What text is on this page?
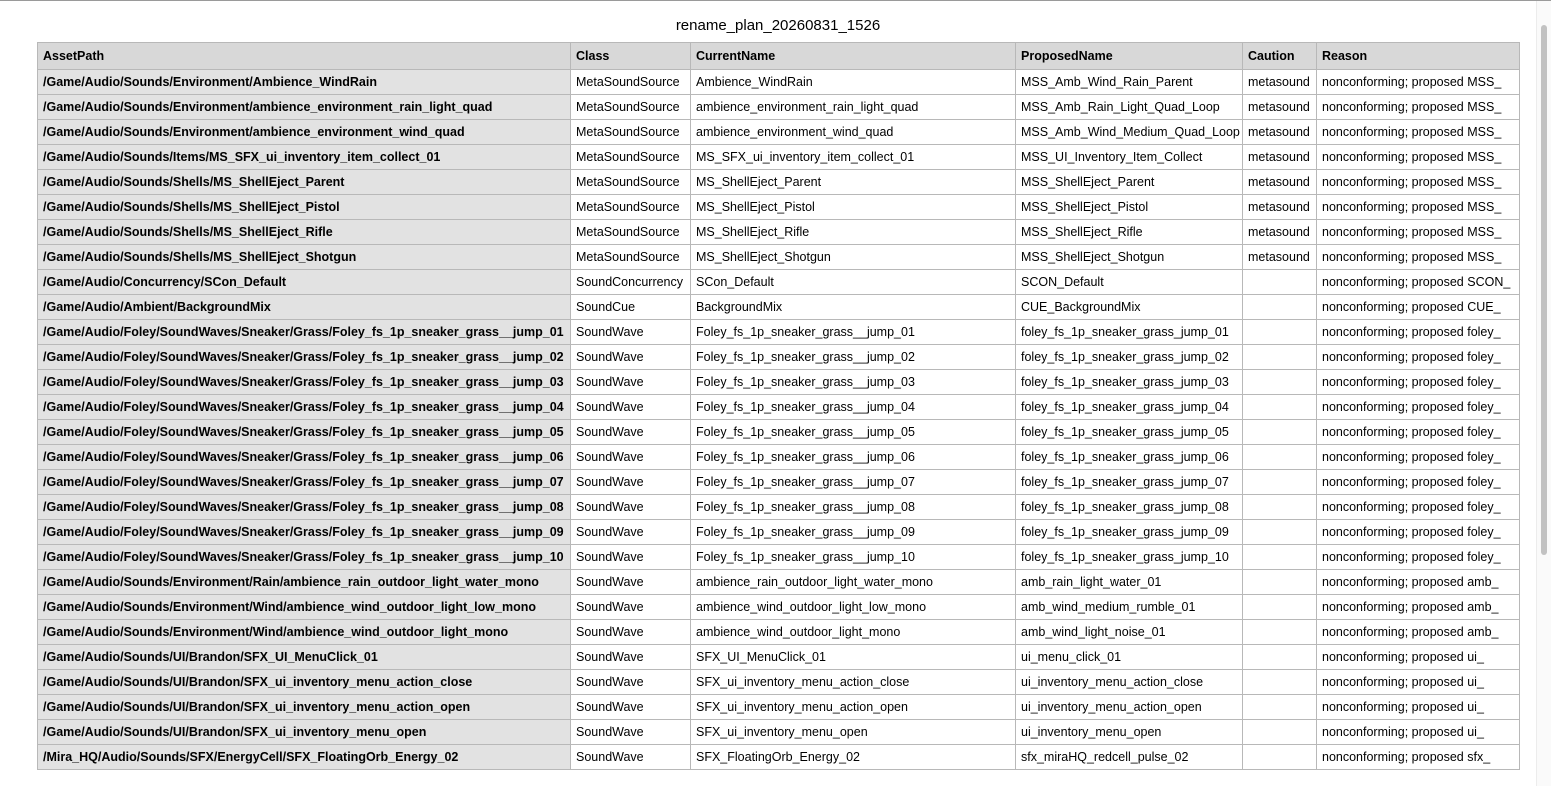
rename_plan_20260831_1526
AssetPath	Class	CurrentName	ProposedName	Caution	Reason
/Game/Audio/Sounds/Environment/Ambience_WindRain	MetaSoundSource	Ambience_WindRain	MSS_Amb_Wind_Rain_Parent	metasound	nonconforming; proposed MSS_
/Game/Audio/Sounds/Environment/ambience_environment_rain_light_quad	MetaSoundSource	ambience_environment_rain_light_quad	MSS_Amb_Rain_Light_Quad_Loop	metasound	nonconforming; proposed MSS_
/Game/Audio/Sounds/Environment/ambience_environment_wind_quad	MetaSoundSource	ambience_environment_wind_quad	MSS_Amb_Wind_Medium_Quad_Loop	metasound	nonconforming; proposed MSS_
/Game/Audio/Sounds/Items/MS_SFX_ui_inventory_item_collect_01	MetaSoundSource	MS_SFX_ui_inventory_item_collect_01	MSS_UI_Inventory_Item_Collect	metasound	nonconforming; proposed MSS_
/Game/Audio/Sounds/Shells/MS_ShellEject_Parent	MetaSoundSource	MS_ShellEject_Parent	MSS_ShellEject_Parent	metasound	nonconforming; proposed MSS_
/Game/Audio/Sounds/Shells/MS_ShellEject_Pistol	MetaSoundSource	MS_ShellEject_Pistol	MSS_ShellEject_Pistol	metasound	nonconforming; proposed MSS_
/Game/Audio/Sounds/Shells/MS_ShellEject_Rifle	MetaSoundSource	MS_ShellEject_Rifle	MSS_ShellEject_Rifle	metasound	nonconforming; proposed MSS_
/Game/Audio/Sounds/Shells/MS_ShellEject_Shotgun	MetaSoundSource	MS_ShellEject_Shotgun	MSS_ShellEject_Shotgun	metasound	nonconforming; proposed MSS_
/Game/Audio/Concurrency/SCon_Default	SoundConcurrency	SCon_Default	SCON_Default		nonconforming; proposed SCON_
/Game/Audio/Ambient/BackgroundMix	SoundCue	BackgroundMix	CUE_BackgroundMix		nonconforming; proposed CUE_
/Game/Audio/Foley/SoundWaves/Sneaker/Grass/Foley_fs_1p_sneaker_grass__jump_01	SoundWave	Foley_fs_1p_sneaker_grass__jump_01	foley_fs_1p_sneaker_grass_jump_01		nonconforming; proposed foley_
/Game/Audio/Foley/SoundWaves/Sneaker/Grass/Foley_fs_1p_sneaker_grass__jump_02	SoundWave	Foley_fs_1p_sneaker_grass__jump_02	foley_fs_1p_sneaker_grass_jump_02		nonconforming; proposed foley_
/Game/Audio/Foley/SoundWaves/Sneaker/Grass/Foley_fs_1p_sneaker_grass__jump_03	SoundWave	Foley_fs_1p_sneaker_grass__jump_03	foley_fs_1p_sneaker_grass_jump_03		nonconforming; proposed foley_
/Game/Audio/Foley/SoundWaves/Sneaker/Grass/Foley_fs_1p_sneaker_grass__jump_04	SoundWave	Foley_fs_1p_sneaker_grass__jump_04	foley_fs_1p_sneaker_grass_jump_04		nonconforming; proposed foley_
/Game/Audio/Foley/SoundWaves/Sneaker/Grass/Foley_fs_1p_sneaker_grass__jump_05	SoundWave	Foley_fs_1p_sneaker_grass__jump_05	foley_fs_1p_sneaker_grass_jump_05		nonconforming; proposed foley_
/Game/Audio/Foley/SoundWaves/Sneaker/Grass/Foley_fs_1p_sneaker_grass__jump_06	SoundWave	Foley_fs_1p_sneaker_grass__jump_06	foley_fs_1p_sneaker_grass_jump_06		nonconforming; proposed foley_
/Game/Audio/Foley/SoundWaves/Sneaker/Grass/Foley_fs_1p_sneaker_grass__jump_07	SoundWave	Foley_fs_1p_sneaker_grass__jump_07	foley_fs_1p_sneaker_grass_jump_07		nonconforming; proposed foley_
/Game/Audio/Foley/SoundWaves/Sneaker/Grass/Foley_fs_1p_sneaker_grass__jump_08	SoundWave	Foley_fs_1p_sneaker_grass__jump_08	foley_fs_1p_sneaker_grass_jump_08		nonconforming; proposed foley_
/Game/Audio/Foley/SoundWaves/Sneaker/Grass/Foley_fs_1p_sneaker_grass__jump_09	SoundWave	Foley_fs_1p_sneaker_grass__jump_09	foley_fs_1p_sneaker_grass_jump_09		nonconforming; proposed foley_
/Game/Audio/Foley/SoundWaves/Sneaker/Grass/Foley_fs_1p_sneaker_grass__jump_10	SoundWave	Foley_fs_1p_sneaker_grass__jump_10	foley_fs_1p_sneaker_grass_jump_10		nonconforming; proposed foley_
/Game/Audio/Sounds/Environment/Rain/ambience_rain_outdoor_light_water_mono	SoundWave	ambience_rain_outdoor_light_water_mono	amb_rain_light_water_01		nonconforming; proposed amb_
/Game/Audio/Sounds/Environment/Wind/ambience_wind_outdoor_light_low_mono	SoundWave	ambience_wind_outdoor_light_low_mono	amb_wind_medium_rumble_01		nonconforming; proposed amb_
/Game/Audio/Sounds/Environment/Wind/ambience_wind_outdoor_light_mono	SoundWave	ambience_wind_outdoor_light_mono	amb_wind_light_noise_01		nonconforming; proposed amb_
/Game/Audio/Sounds/UI/Brandon/SFX_UI_MenuClick_01	SoundWave	SFX_UI_MenuClick_01	ui_menu_click_01		nonconforming; proposed ui_
/Game/Audio/Sounds/UI/Brandon/SFX_ui_inventory_menu_action_close	SoundWave	SFX_ui_inventory_menu_action_close	ui_inventory_menu_action_close		nonconforming; proposed ui_
/Game/Audio/Sounds/UI/Brandon/SFX_ui_inventory_menu_action_open	SoundWave	SFX_ui_inventory_menu_action_open	ui_inventory_menu_action_open		nonconforming; proposed ui_
/Game/Audio/Sounds/UI/Brandon/SFX_ui_inventory_menu_open	SoundWave	SFX_ui_inventory_menu_open	ui_inventory_menu_open		nonconforming; proposed ui_
/Mira_HQ/Audio/Sounds/SFX/EnergyCell/SFX_FloatingOrb_Energy_02	SoundWave	SFX_FloatingOrb_Energy_02	sfx_miraHQ_redcell_pulse_02		nonconforming; proposed sfx_
